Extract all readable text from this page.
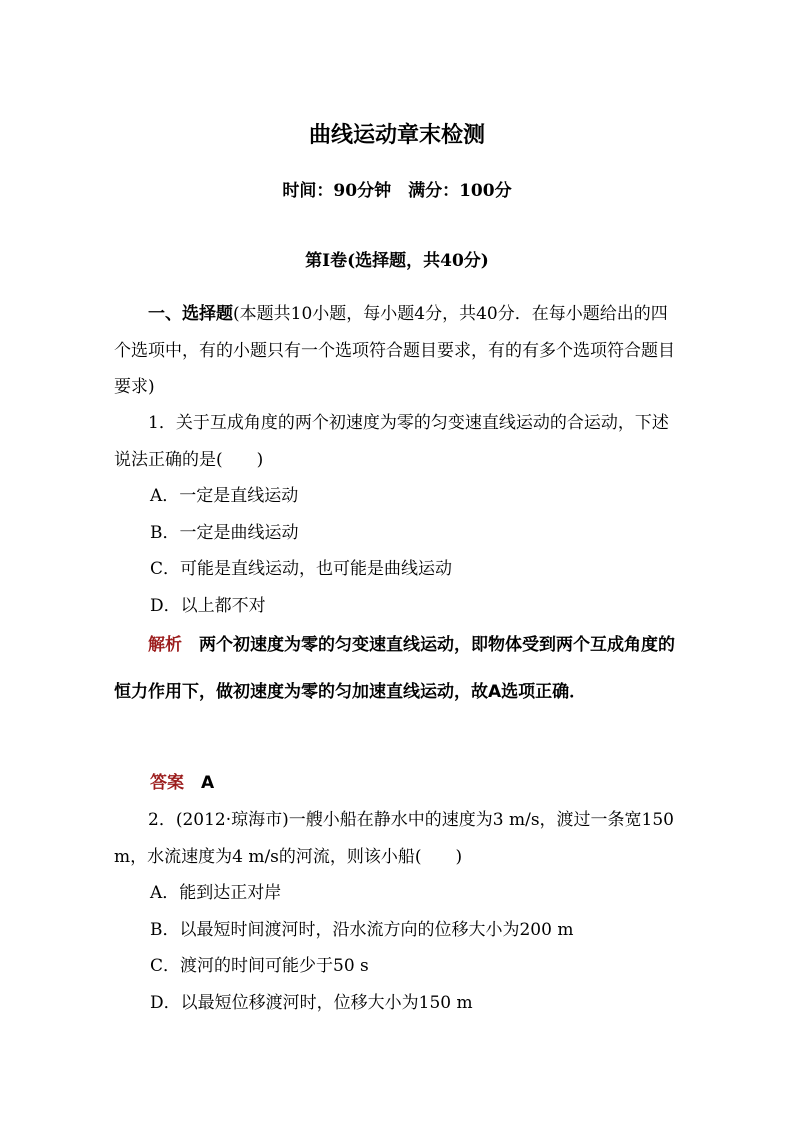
曲线运动章末检测
时间：90分钟　满分：100分
第Ⅰ卷(选择题，共40分)
一、选择题(本题共10小题，每小题4分，共40分．在每小题给出的四个选项中，有的小题只有一个选项符合题目要求，有的有多个选项符合题目要求)
1．关于互成角度的两个初速度为零的匀变速直线运动的合运动，下述说法正确的是(　　)
A．一定是直线运动
B．一定是曲线运动
C．可能是直线运动，也可能是曲线运动
D．以上都不对
解析　 两个初速度为零的匀变速直线运动，即物体受到两个互成角度的恒力作用下，做初速度为零的匀加速直线运动，故A选项正确．
答案　 A
2．(2012·琼海市)一艘小船在静水中的速度为3 m/s，渡过一条宽150 m，水流速度为4 m/s的河流，则该小船(　　)
A．能到达正对岸
B．以最短时间渡河时，沿水流方向的位移大小为200 m
C．渡河的时间可能少于50 s
D．以最短位移渡河时，位移大小为150 m
